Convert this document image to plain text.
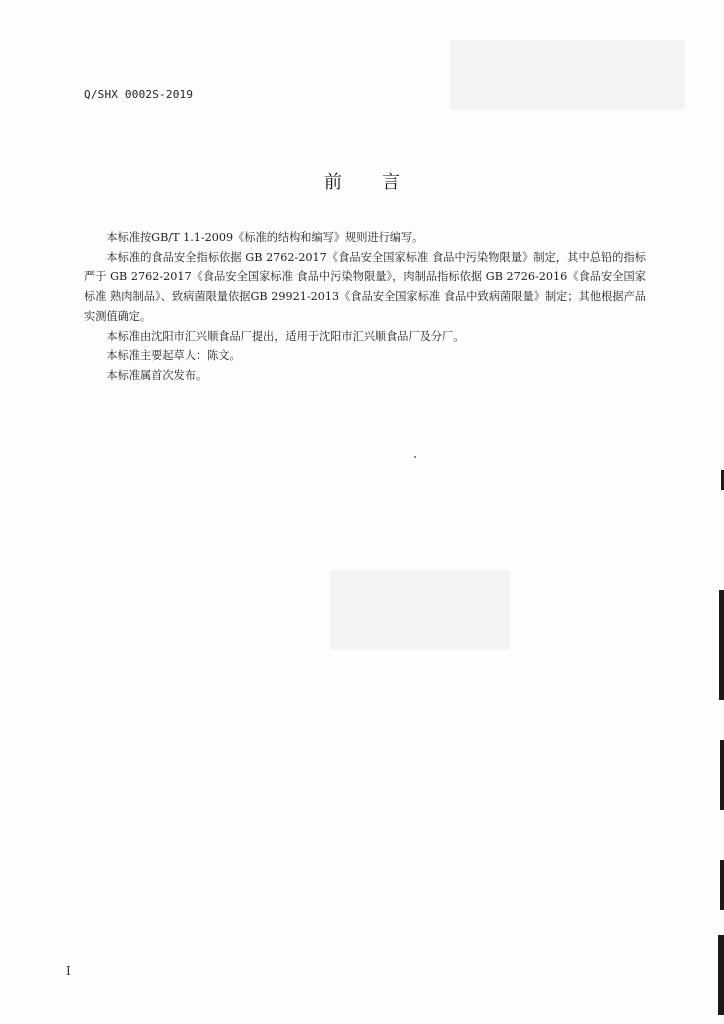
Q/SHX 0002S-2019
前 言

本标准按GB/T 1.1-2009《标准的结构和编写》规则进行编写。

本标准的食品安全指标依据 GB 2762-2017《食品安全国家标准 食品中污染物限量》制定，其中总铅的指标严于 GB 2762-2017《食品安全国家标准 食品中污染物限量》，肉制品指标依据 GB 2726-2016《食品安全国家标准 熟肉制品》、致病菌限量依据GB 29921-2013《食品安全国家标准 食品中致病菌限量》制定；其他根据产品实测值确定。

本标准由沈阳市汇兴顺食品厂提出，适用于沈阳市汇兴顺食品厂及分厂。

本标准主要起草人：陈文。

本标准属首次发布。

I
